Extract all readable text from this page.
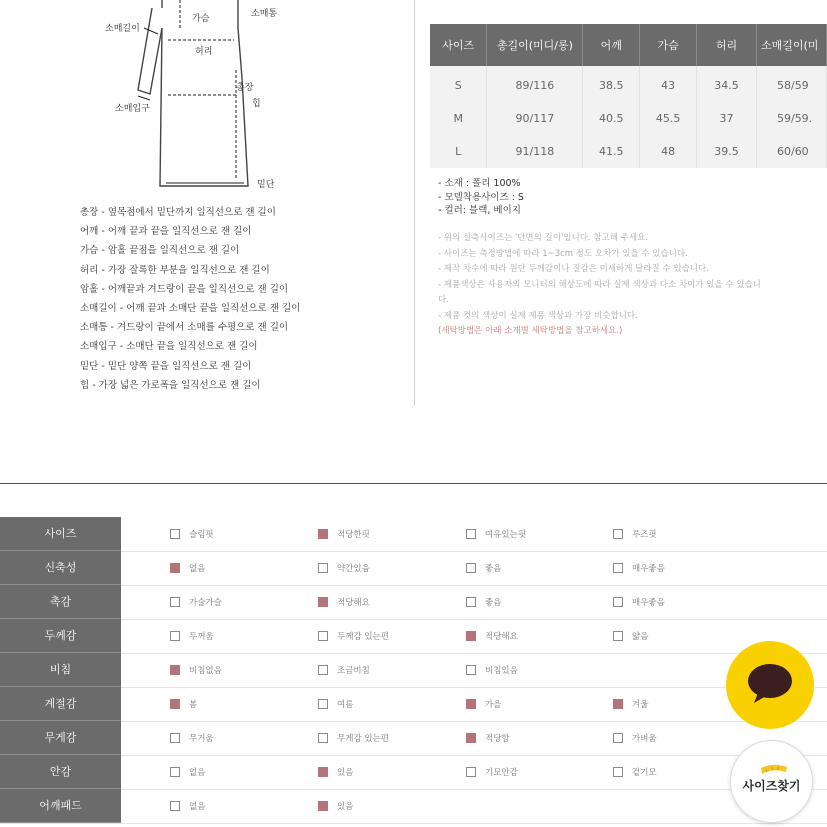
가슴	소매통
소매길이
허리
총장
힙
소매입구
밑단
총장 - 옆목점에서 밑단까지 일직선으로 잰 길이
어깨 - 어깨 끝과 끝을 일직선으로 잰 길이
가슴 - 암홀 끝점을 일직선으로 잰 길이
허리 - 가장 잘록한 부분을 일직선으로 잰 길이
암홀 - 어깨끝과 겨드랑이 끝을 일직선으로 잰 길이
소매길이 - 어깨 끝과 소매단 끝을 일직선으로 잰 길이
소매통 - 겨드랑이 끝에서 소매를 수평으로 잰 길이
소매입구 - 소매단 끝을 일직선으로 잰 길이
밑단 - 밑단 양쪽 끝을 일직선으로 잰 길이
힙 - 가장 넓은 가로폭을 일직선으로 잰 길이
사이즈	총길이(미디/롱)	어깨	가슴	허리	소매길이(미
S	89/116	38.5	43	34.5	58/59
M	90/117	40.5	45.5	37	59/59.
L	91/118	41.5	48	39.5	60/60
- 소재 : 폴리 100%
- 모델착용사이즈 : S
- 컬러: 블랙, 베이지
- 위의 실측사이즈는 '단면의 길이'입니다. 참고해 주세요.
- 사이즈는 측정방법에 따라 1~3cm 정도 오차가 있을 수 있습니다.
- 제작 차수에 따라 원단 두께감이나 질감은 미세하게 달라질 수 있습니다.
- 제품색상은 사용자의 모니터의 해상도에 따라 실제 색상과 다소 차이가 있을 수 있습니
다.
- 제품 컷의 색상이 실제 제품 색상과 가장 비슷합니다.
(세탁방법은 아래 소재별 세탁방법을 참고하세요.)
사이즈	슬림핏	적당한핏	여유있는핏	루즈핏
신축성	없음	약간있음	좋음	매우좋음
촉감	가슬가슬	적당해요	좋음	매우좋음
두께감	두꺼움	두께감 있는편	적당해요	얇음
비침	비침없음	조금비침	비침있음
계절감	봄	여름	가을	겨울
무게감	무거움	무게감 있는편	적당함	가벼움
안감	없음	있음	기모안감	겉기모
어깨패드	없음	있음
사이즈찾기
